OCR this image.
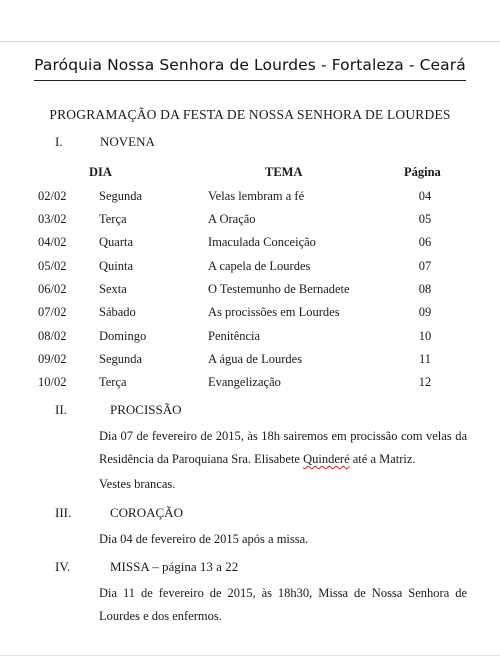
Paróquia Nossa Senhora de Lourdes - Fortaleza - Ceará
PROGRAMAÇÃO DA FESTA DE NOSSA SENHORA DE LOURDES
I.	NOVENA
DIA	TEMA	Página
02/02	Segunda	Velas lembram a fé	04
03/02	Terça	A Oração	05
04/02	Quarta	Imaculada Conceição	06
05/02	Quinta	A capela de Lourdes	07
06/02	Sexta	O Testemunho de Bernadete	08
07/02	Sábado	As procissões em Lourdes	09
08/02	Domingo	Penitência	10
09/02	Segunda	A água de Lourdes	11
10/02	Terça	Evangelização	12
II.	PROCISSÃO
Dia 07 de fevereiro de 2015, às 18h sairemos em procissão com velas da Residência da Paroquiana Sra. Elisabete Quinderé até a Matriz.
Vestes brancas.
III.	COROAÇÃO
Dia 04 de fevereiro de 2015 após a missa.
IV.	MISSA – página 13 a 22
Dia 11 de fevereiro de 2015, às 18h30, Missa de Nossa Senhora de Lourdes e dos enfermos.
